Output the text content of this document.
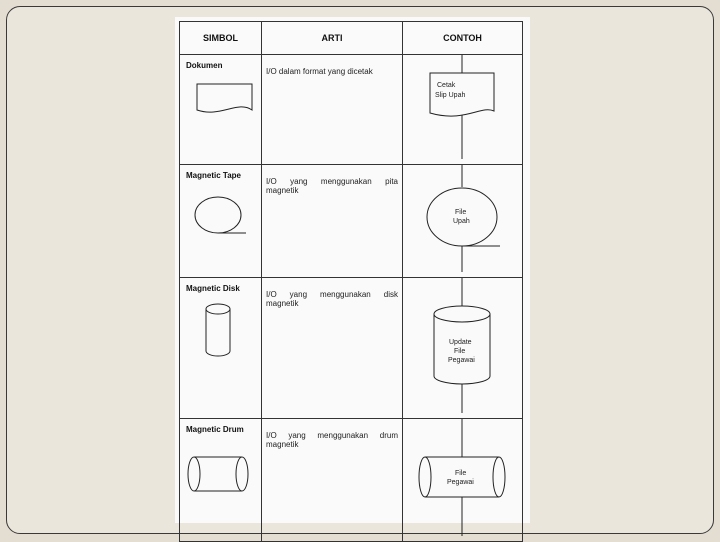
SIMBOL	ARTI	CONTOH

Dokumen	I/O dalam format yang dicetak	Cetak
Slip Upah

Magnetic Tape	I/O yang menggunakan pita magnetik	File
Upah

Magnetic Disk	I/O yang menggunakan disk magnetik	Update
File
Pegawai

Magnetic Drum	I/O yang menggunakan drum magnetik	File
Pegawai
